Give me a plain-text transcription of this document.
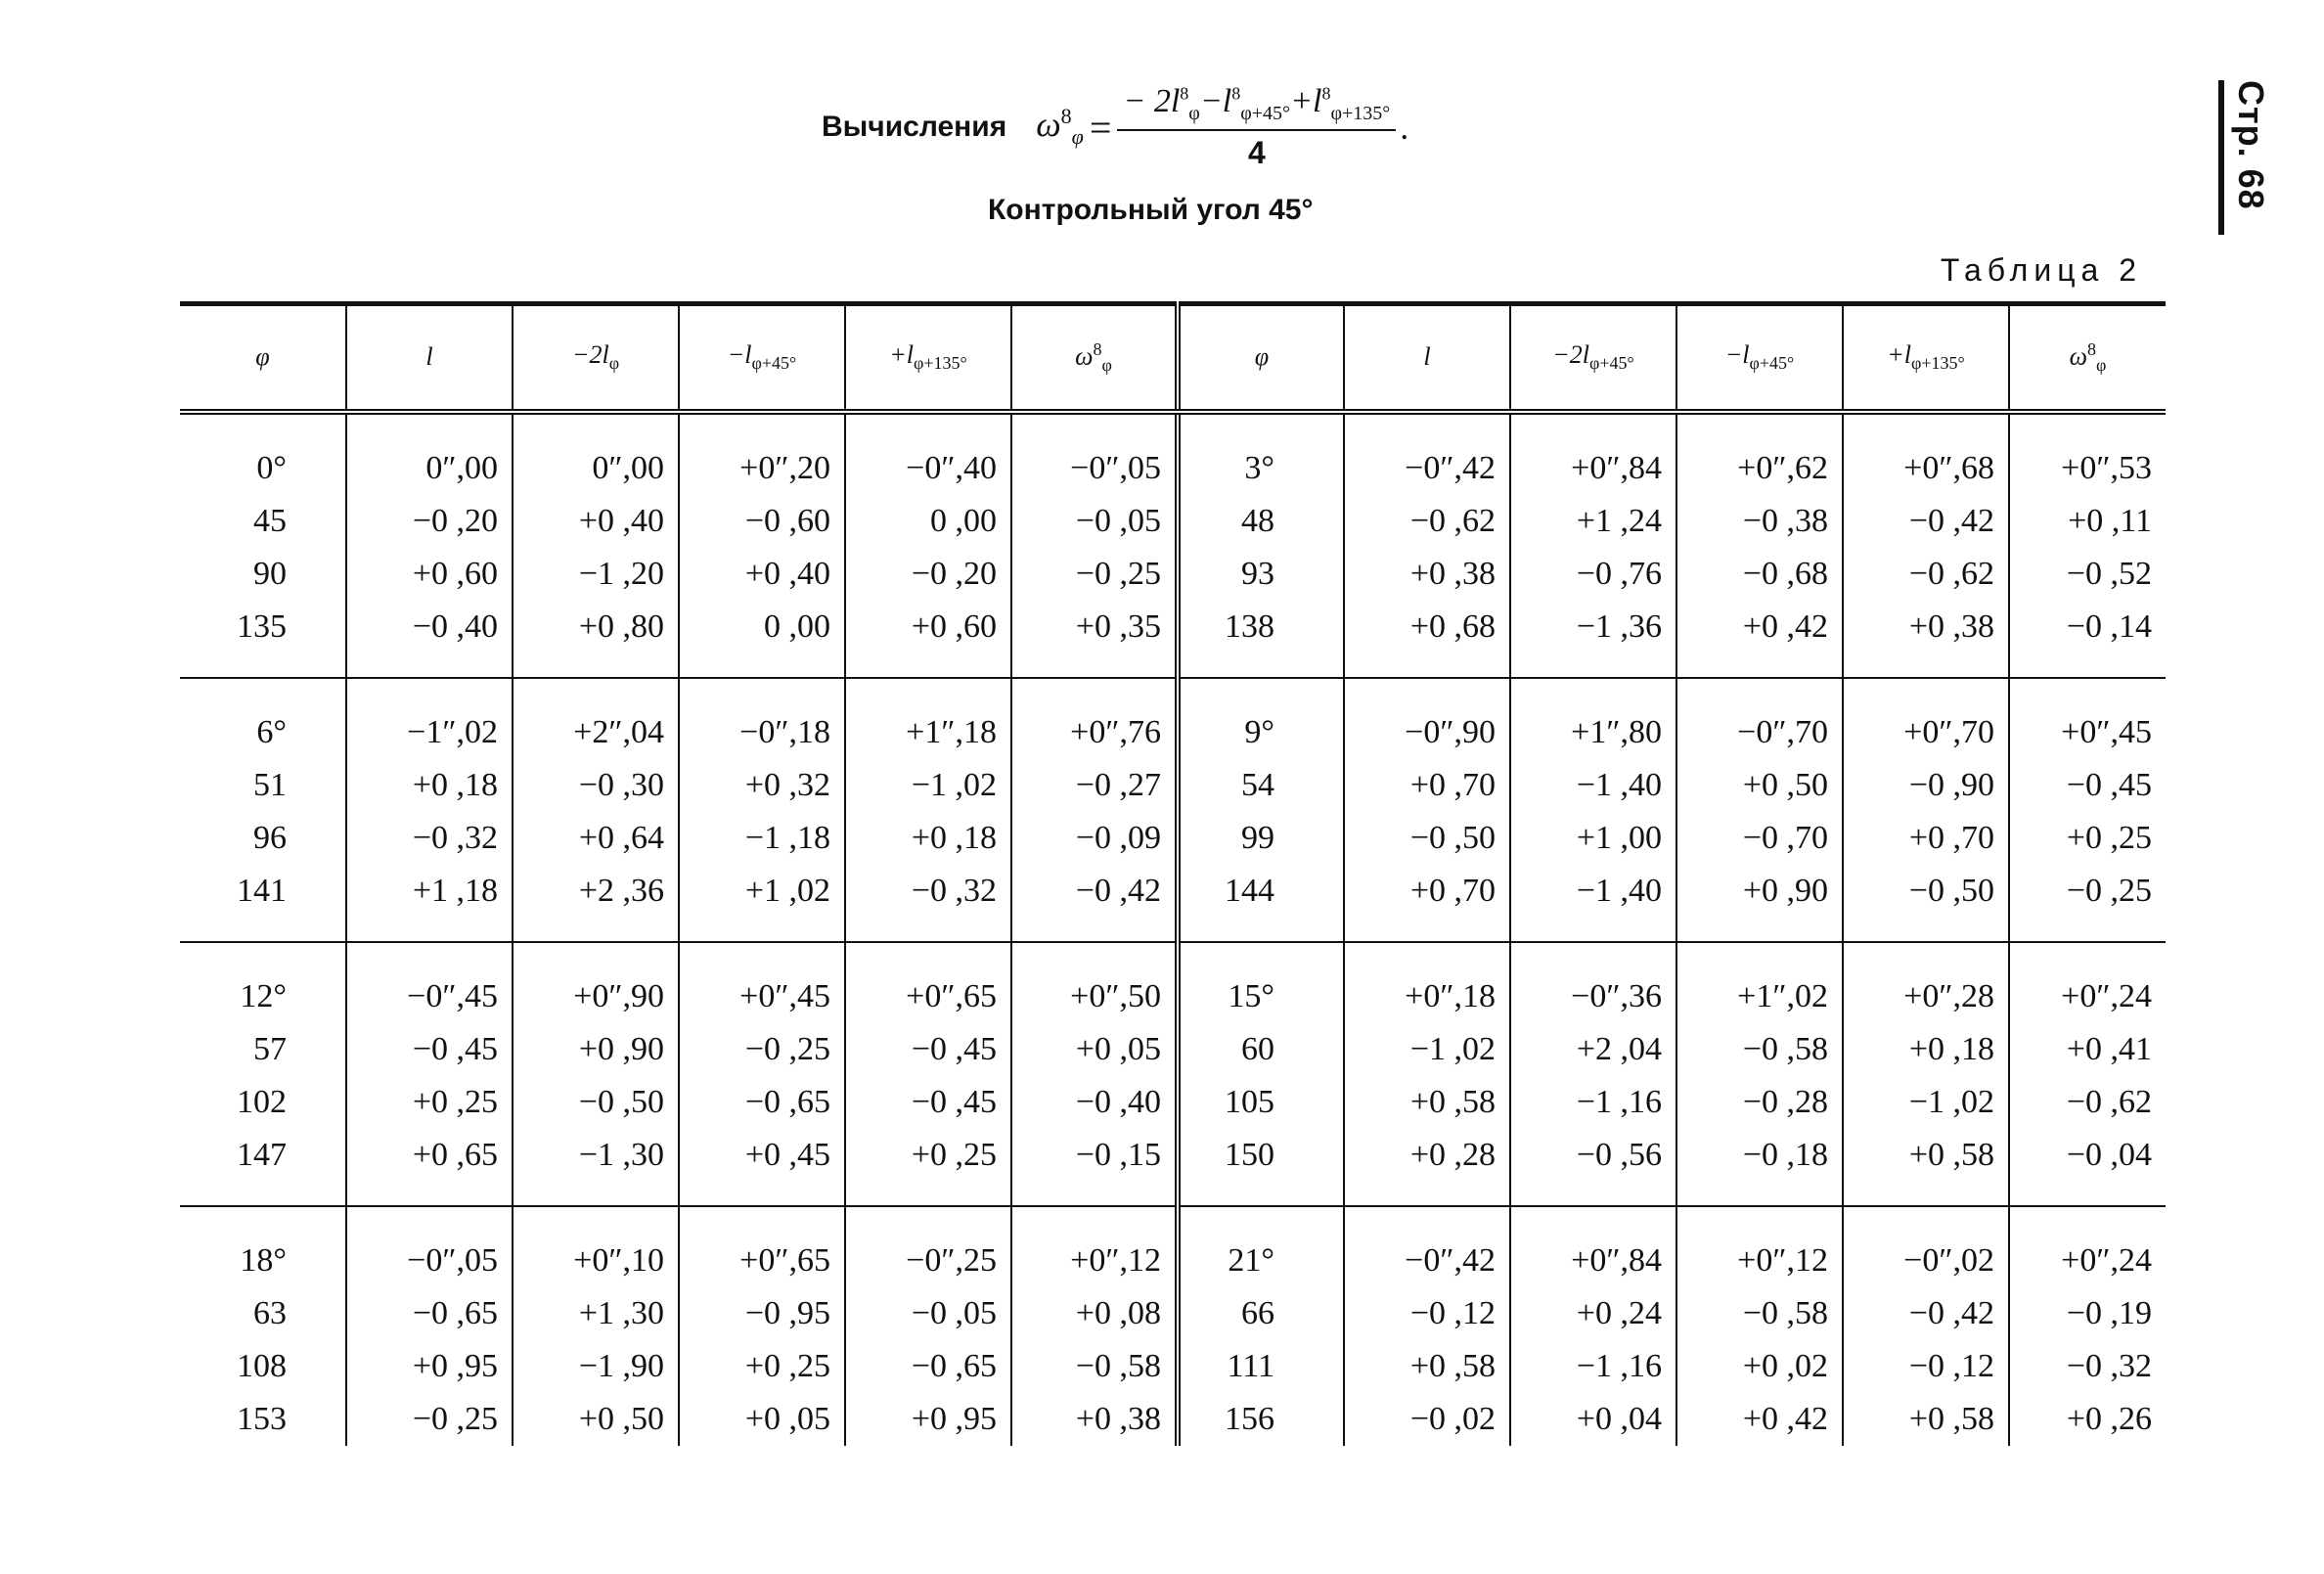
Стр. 68
Вычисления $\omega^8_\varphi = \frac{- 2l^8_\varphi-l^8_{\varphi+45^\circ}+l^8_{\varphi+135^\circ}}{4}$ .
Контрольный угол 45°
Таблица 2
φ	l	$-2l_\varphi$	$-l_{\varphi+45^\circ}$	$+l_{\varphi+135^\circ}$	$\omega^8_\varphi$	φ	l	$-2l_{\varphi+45^\circ}$	$-l_{\varphi+45^\circ}$	$+l_{\varphi+135^\circ}$	$\omega^8_\varphi$

0°	0″,00	0″,00	+0″,20	−0″,40	−0″,05	3°	−0″,42	+0″,84	+0″,62	+0″,68	+0″,53
45	−0 ,20	+0 ,40	−0 ,60	0 ,00	−0 ,05	48	−0 ,62	+1 ,24	−0 ,38	−0 ,42	+0 ,11
90	+0 ,60	−1 ,20	+0 ,40	−0 ,20	−0 ,25	93	+0 ,38	−0 ,76	−0 ,68	−0 ,62	−0 ,52
135	−0 ,40	+0 ,80	0 ,00	+0 ,60	+0 ,35	138	+0 ,68	−1 ,36	+0 ,42	+0 ,38	−0 ,14

6°	−1″,02	+2″,04	−0″,18	+1″,18	+0″,76	9°	−0″,90	+1″,80	−0″,70	+0″,70	+0″,45
51	+0 ,18	−0 ,30	+0 ,32	−1 ,02	−0 ,27	54	+0 ,70	−1 ,40	+0 ,50	−0 ,90	−0 ,45
96	−0 ,32	+0 ,64	−1 ,18	+0 ,18	−0 ,09	99	−0 ,50	+1 ,00	−0 ,70	+0 ,70	+0 ,25
141	+1 ,18	+2 ,36	+1 ,02	−0 ,32	−0 ,42	144	+0 ,70	−1 ,40	+0 ,90	−0 ,50	−0 ,25

12°	−0″,45	+0″,90	+0″,45	+0″,65	+0″,50	15°	+0″,18	−0″,36	+1″,02	+0″,28	+0″,24
57	−0 ,45	+0 ,90	−0 ,25	−0 ,45	+0 ,05	60	−1 ,02	+2 ,04	−0 ,58	+0 ,18	+0 ,41
102	+0 ,25	−0 ,50	−0 ,65	−0 ,45	−0 ,40	105	+0 ,58	−1 ,16	−0 ,28	−1 ,02	−0 ,62
147	+0 ,65	−1 ,30	+0 ,45	+0 ,25	−0 ,15	150	+0 ,28	−0 ,56	−0 ,18	+0 ,58	−0 ,04

18°	−0″,05	+0″,10	+0″,65	−0″,25	+0″,12	21°	−0″,42	+0″,84	+0″,12	−0″,02	+0″,24
63	−0 ,65	+1 ,30	−0 ,95	−0 ,05	+0 ,08	66	−0 ,12	+0 ,24	−0 ,58	−0 ,42	−0 ,19
108	+0 ,95	−1 ,90	+0 ,25	−0 ,65	−0 ,58	111	+0 ,58	−1 ,16	+0 ,02	−0 ,12	−0 ,32
153	−0 ,25	+0 ,50	+0 ,05	+0 ,95	+0 ,38	156	−0 ,02	+0 ,04	+0 ,42	+0 ,58	+0 ,26
